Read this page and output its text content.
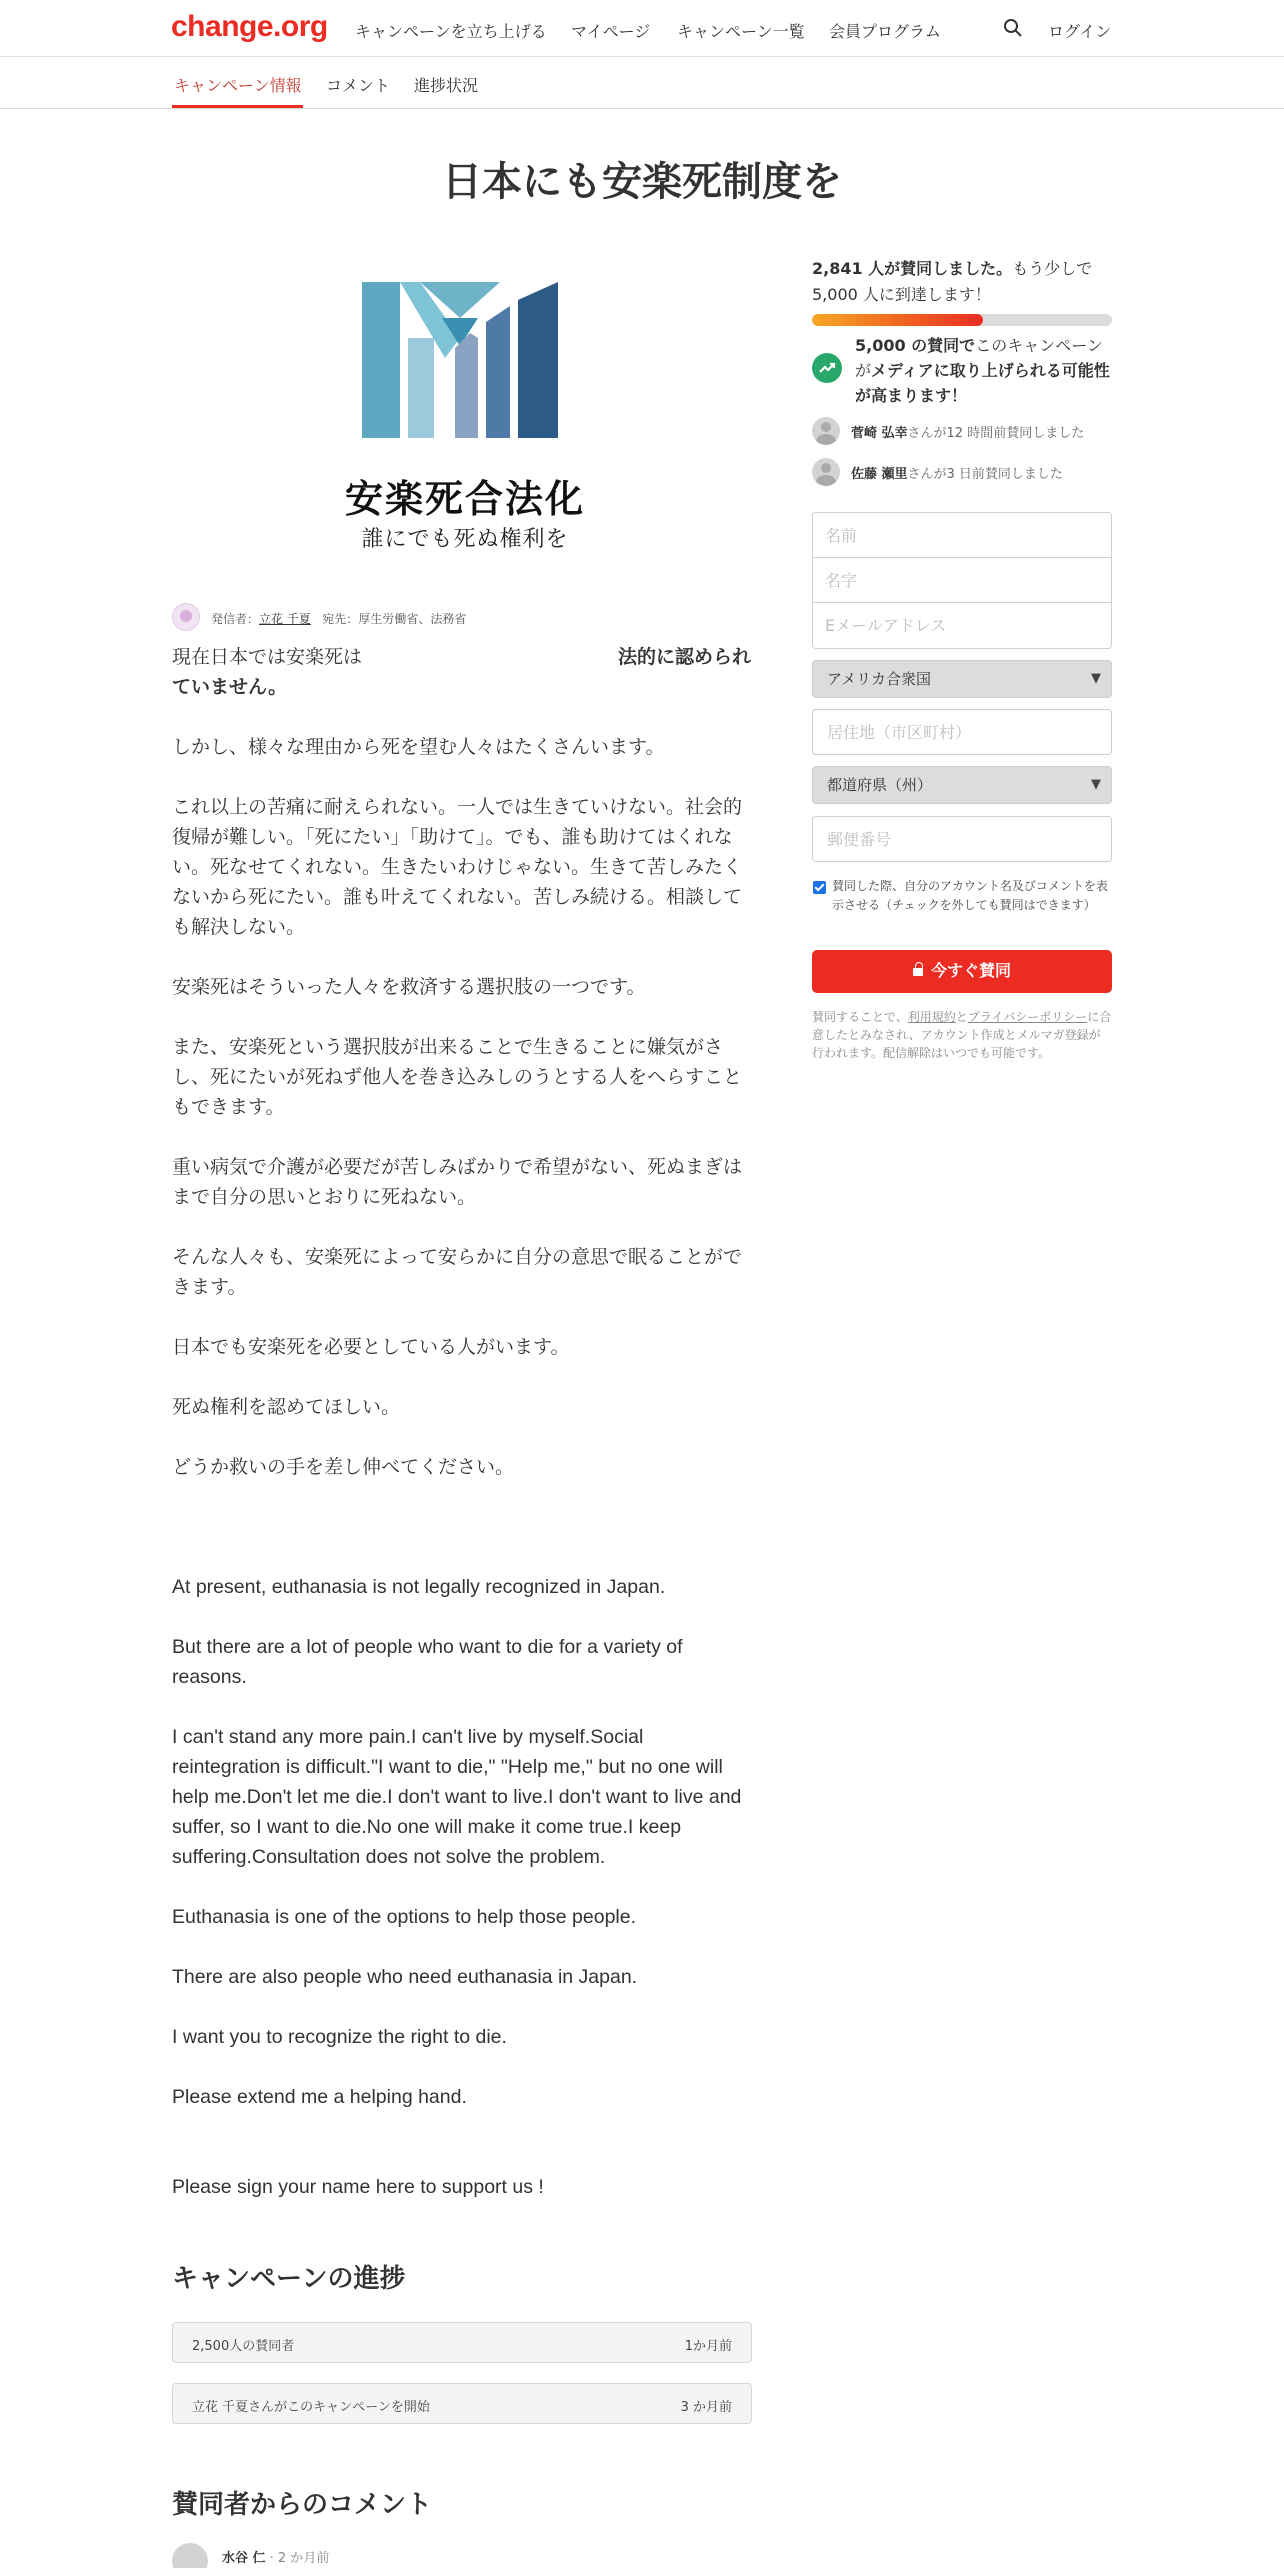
change.org キャンペーンを立ち上げる マイページ キャンペーン一覧 会員プログラム	ログイン
キャンペーン情報 コメント 進捗状況
日本にも安楽死制度を
安楽死合法化
誰にでも死ぬ権利を
発信者：立花 千夏 宛先：厚生労働省、法務省
現在日本では安楽死は	法的に認められていません。
しかし、様々な理由から死を望む人々はたくさんいます。
これ以上の苦痛に耐えられない。一人では生きていけない。社会的復帰が難しい。「死にたい」「助けて」。でも、誰も助けてはくれない。死なせてくれない。生きたいわけじゃない。生きて苦しみたくないから死にたい。誰も叶えてくれない。苦しみ続ける。相談しても解決しない。
安楽死はそういった人々を救済する選択肢の一つです。
また、安楽死という選択肢が出来ることで生きることに嫌気がさし、死にたいが死ねず他人を巻き込みしのうとする人をへらすこともできます。
重い病気で介護が必要だが苦しみばかりで希望がない、死ぬまぎはまで自分の思いとおりに死ねない。
そんな人々も、安楽死によって安らかに自分の意思で眠ることができます。
日本でも安楽死を必要としている人がいます。
死ぬ権利を認めてほしい。
どうか救いの手を差し伸べてください。
At present, euthanasia is not legally recognized in Japan.
But there are a lot of people who want to die for a variety of reasons.
I can't stand any more pain.I can't live by myself.Social reintegration is difficult."I want to die," "Help me," but no one will help me.Don't let me die.I don't want to live.I don't want to live and suffer, so I want to die.No one will make it come true.I keep suffering.Consultation does not solve the problem.
Euthanasia is one of the options to help those people.
There are also people who need euthanasia in Japan.
I want you to recognize the right to die.
Please extend me a helping hand.
Please sign your name here to support us !
2,841 人が賛同しました。もう少しで 5,000 人に到達します！
5,000 の賛同でこのキャンペーンがメディアに取り上げられる可能性が高まります！
菅崎 弘幸さんが12 時間前賛同しました
佐藤 瀬里さんが3 日前賛同しました
名前
名字
Eメールアドレス
アメリカ合衆国	▼
居住地（市区町村）
都道府県（州）	▼
郵便番号
賛同した際、自分のアカウント名及びコメントを表示させる（チェックを外しても賛同はできます）
今すぐ賛同
賛同することで、利用規約とプライバシーポリシーに合意したとみなされ、アカウント作成とメルマガ登録が行われます。配信解除はいつでも可能です。
キャンペーンの進捗
2,500人の賛同者	1か月前
立花 千夏さんがこのキャンペーンを開始	3 か月前
賛同者からのコメント
水谷 仁 · 2 か月前
